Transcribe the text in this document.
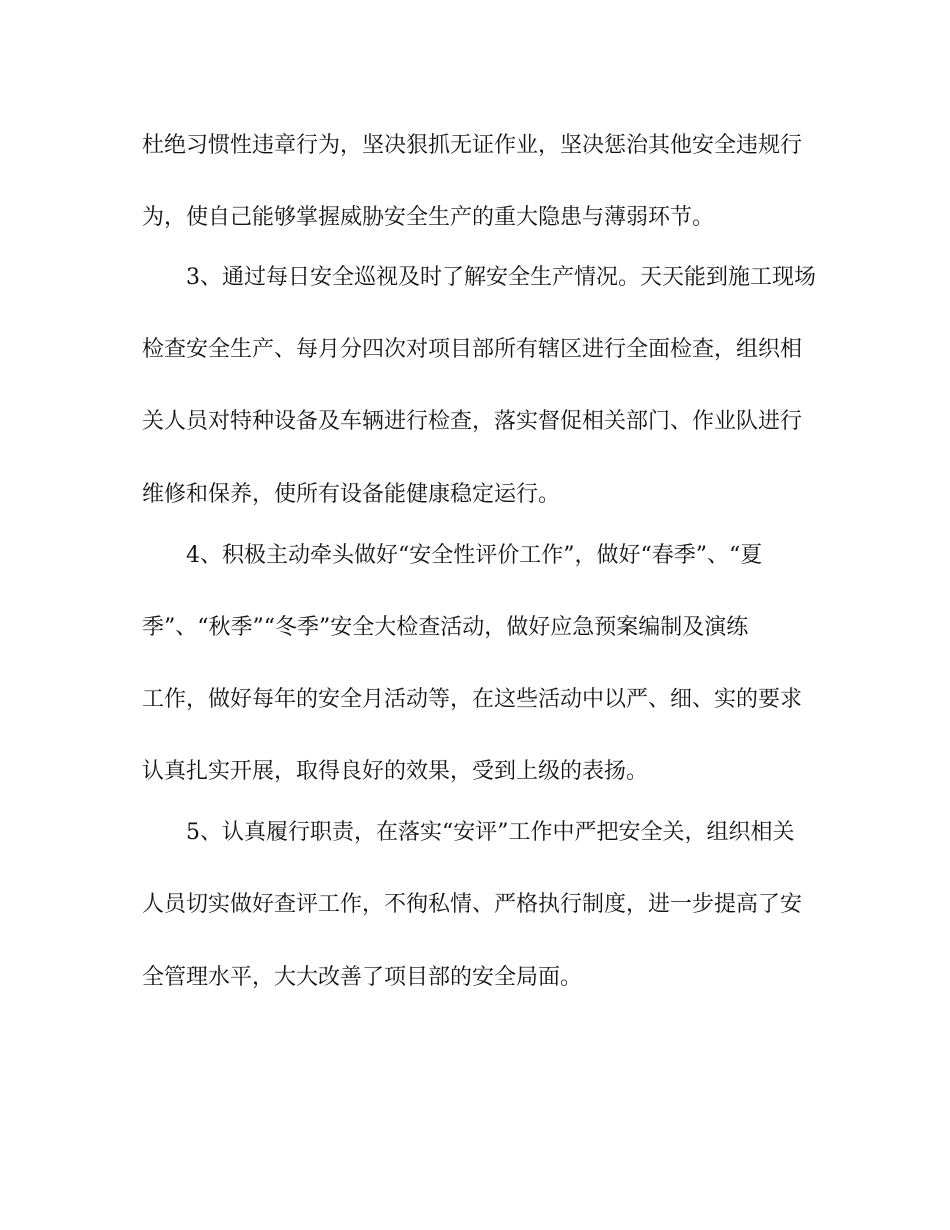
杜绝习惯性违章行为，坚决狠抓无证作业，坚决惩治其他安全违规行
为，使自己能够掌握威胁安全生产的重大隐患与薄弱环节。
3、通过每日安全巡视及时了解安全生产情况。天天能到施工现场
检查安全生产、每月分四次对项目部所有辖区进行全面检查，组织相
关人员对特种设备及车辆进行检查，落实督促相关部门、作业队进行
维修和保养，使所有设备能健康稳定运行。
4、积极主动牵头做好“安全性评价工作”，做好“春季”、“夏
季”、“秋季”“冬季”安全大检查活动，做好应急预案编制及演练
工作，做好每年的安全月活动等，在这些活动中以严、细、实的要求
认真扎实开展，取得良好的效果，受到上级的表扬。
5、认真履行职责，在落实“安评”工作中严把安全关，组织相关
人员切实做好查评工作，不徇私情、严格执行制度，进一步提高了安
全管理水平，大大改善了项目部的安全局面。
